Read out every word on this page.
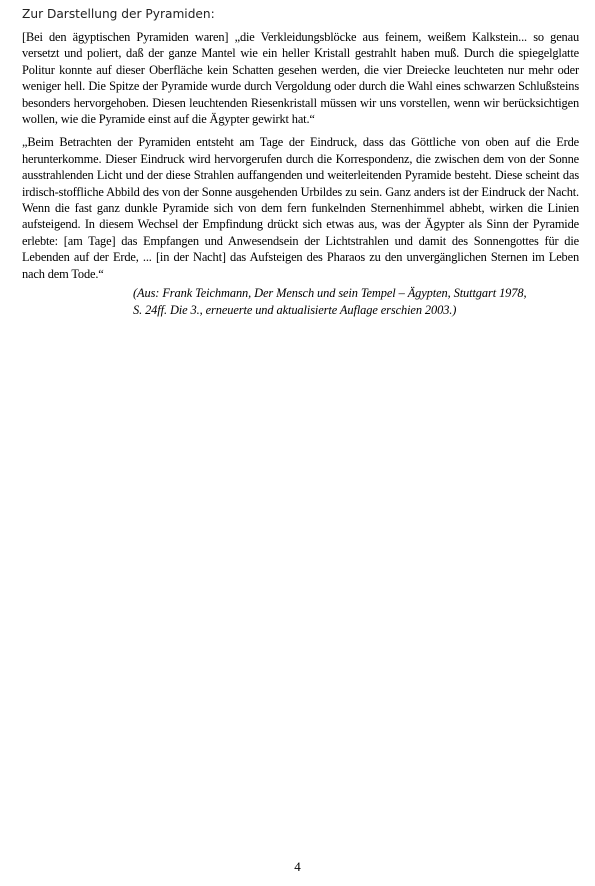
Zur Darstellung der Pyramiden:

[Bei den ägyptischen Pyramiden waren] „die Verkleidungsblöcke aus feinem, weißem Kalkstein... so genau versetzt und poliert, daß der ganze Mantel wie ein heller Kristall gestrahlt haben muß. Durch die spiegelglatte Politur konnte auf dieser Oberfläche kein Schatten gesehen werden, die vier Dreiecke leuchteten nur mehr oder weniger hell. Die Spitze der Pyramide wurde durch Vergoldung oder durch die Wahl eines schwarzen Schlußsteins besonders hervorgehoben. Diesen leuchtenden Riesenkristall müssen wir uns vorstellen, wenn wir berücksichtigen wollen, wie die Pyramide einst auf die Ägypter gewirkt hat.“

„Beim Betrachten der Pyramiden entsteht am Tage der Eindruck, dass das Göttliche von oben auf die Erde herunterkomme. Dieser Eindruck wird hervorgerufen durch die Korrespondenz, die zwischen dem von der Sonne ausstrahlenden Licht und der diese Strahlen auffangenden und weiterleitenden Pyramide besteht. Diese scheint das irdisch-stoffliche Abbild des von der Sonne ausgehenden Urbildes zu sein. Ganz anders ist der Eindruck der Nacht. Wenn die fast ganz dunkle Pyramide sich von dem fern funkelnden Sternenhimmel abhebt, wirken die Linien aufsteigend. In diesem Wechsel der Empfindung drückt sich etwas aus, was der Ägypter als Sinn der Pyramide erlebte: [am Tage] das Empfangen und Anwesendsein der Lichtstrahlen und damit des Sonnengottes für die Lebenden auf der Erde, ... [in der Nacht] das Aufsteigen des Pharaos zu den unvergänglichen Sternen im Leben nach dem Tode.“

(Aus: Frank Teichmann, Der Mensch und sein Tempel – Ägypten, Stuttgart 1978,
S. 24ff. Die 3., erneuerte und aktualisierte Auflage erschien 2003.)
4
